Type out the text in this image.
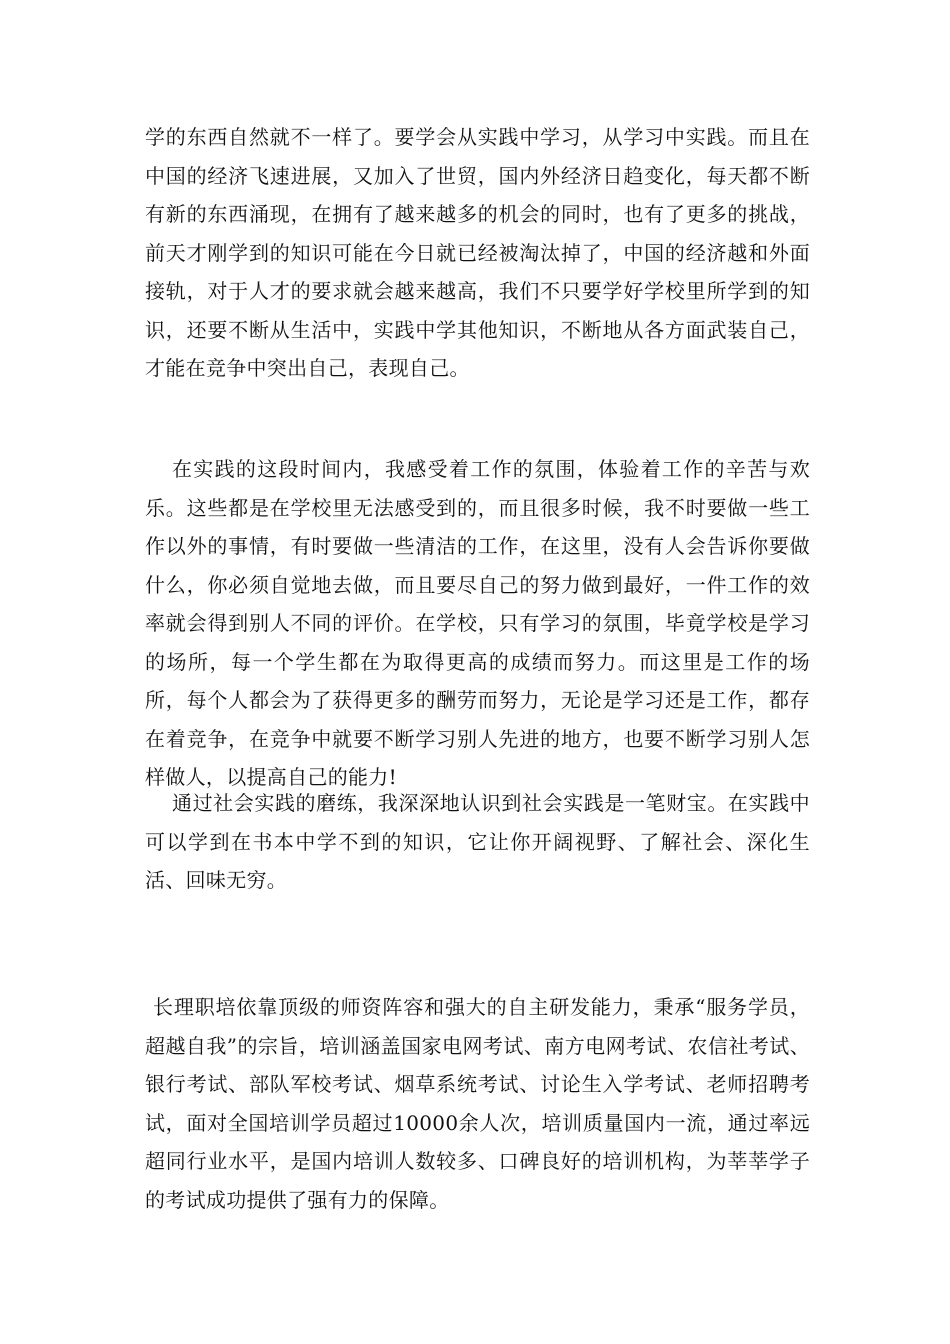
学的东西自然就不一样了。要学会从实践中学习，从学习中实践。而且在中国的经济飞速进展，又加入了世贸，国内外经济日趋变化，每天都不断有新的东西涌现，在拥有了越来越多的机会的同时，也有了更多的挑战，前天才刚学到的知识可能在今日就已经被淘汰掉了，中国的经济越和外面接轨，对于人才的要求就会越来越高，我们不只要学好学校里所学到的知识，还要不断从生活中，实践中学其他知识，不断地从各方面武装自己，才能在竞争中突出自己，表现自己。

在实践的这段时间内，我感受着工作的氛围，体验着工作的辛苦与欢乐。这些都是在学校里无法感受到的，而且很多时候，我不时要做一些工作以外的事情，有时要做一些清洁的工作，在这里，没有人会告诉你要做什么，你必须自觉地去做，而且要尽自己的努力做到最好，一件工作的效率就会得到别人不同的评价。在学校，只有学习的氛围，毕竟学校是学习的场所，每一个学生都在为取得更高的成绩而努力。而这里是工作的场所，每个人都会为了获得更多的酬劳而努力，无论是学习还是工作，都存在着竞争，在竞争中就要不断学习别人先进的地方，也要不断学习别人怎样做人，以提高自己的能力!

通过社会实践的磨练，我深深地认识到社会实践是一笔财宝。在实践中可以学到在书本中学不到的知识，它让你开阔视野、了解社会、深化生活、回味无穷。

长理职培依靠顶级的师资阵容和强大的自主研发能力，秉承“服务学员，超越自我”的宗旨，培训涵盖国家电网考试、南方电网考试、农信社考试、银行考试、部队军校考试、烟草系统考试、讨论生入学考试、老师招聘考试，面对全国培训学员超过10000余人次，培训质量国内一流，通过率远超同行业水平，是国内培训人数较多、口碑良好的培训机构，为莘莘学子的考试成功提供了强有力的保障。
